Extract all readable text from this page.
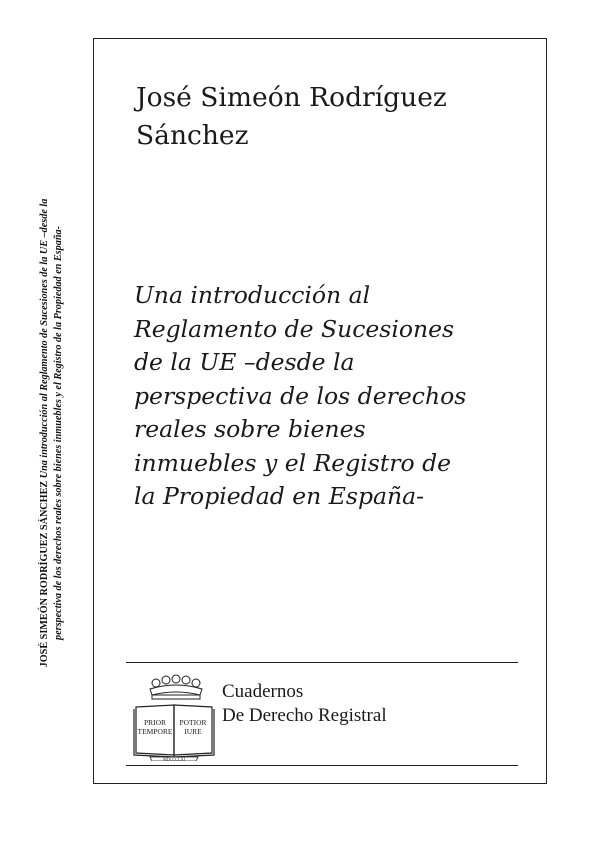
JOSÉ SIMEÓN RODRÍGUEZ SÁNCHEZ Una introducción al Reglamento de Sucesiones de la UE –desde la perspectiva de los derechos reales sobre bienes inmuebles y el Registro de la Propiedad en España-
José Simeón Rodríguez
Sánchez
Una introducción al
Reglamento de Sucesiones
de la UE –desde la
perspectiva de los derechos
reales sobre bienes
inmuebles y el Registro de
la Propiedad en España-
PRIOR
TEMPORE
POTIOR
IURE
MDCCCLXI
Cuadernos
De Derecho Registral
